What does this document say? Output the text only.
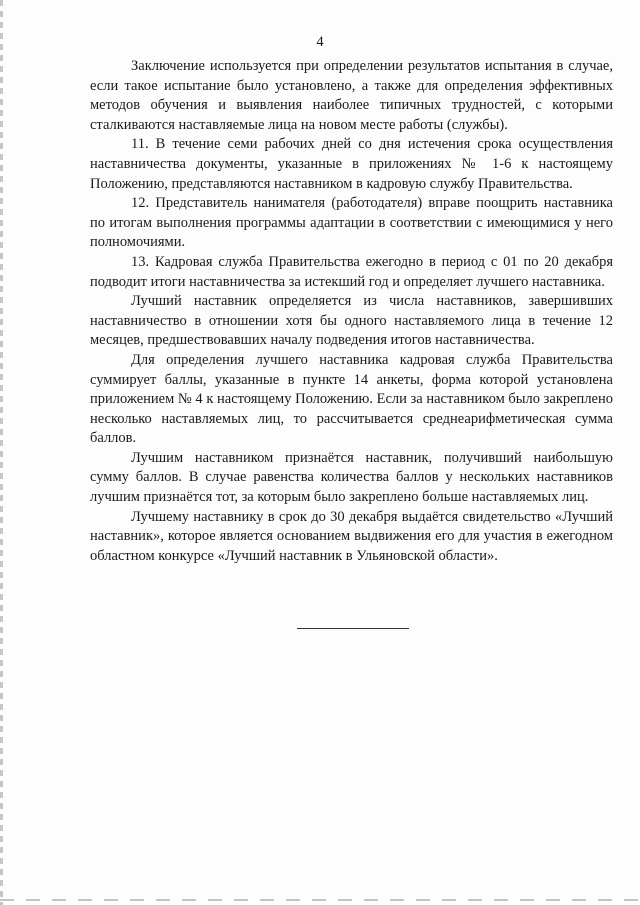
4

Заключение используется при определении результатов испытания в случае, если такое испытание было установлено, а также для определения эффективных методов обучения и выявления наиболее типичных трудностей, с которыми сталкиваются наставляемые лица на новом месте работы (службы).

11. В течение семи рабочих дней со дня истечения срока осуществления наставничества документы, указанные в приложениях № 1-6 к настоящему Положению, представляются наставником в кадровую службу Правительства.

12. Представитель нанимателя (работодателя) вправе поощрить наставника по итогам выполнения программы адаптации в соответствии с имеющимися у него полномочиями.

13. Кадровая служба Правительства ежегодно в период с 01 по 20 декабря подводит итоги наставничества за истекший год и определяет лучшего наставника.

Лучший наставник определяется из числа наставников, завершивших наставничество в отношении хотя бы одного наставляемого лица в течение 12 месяцев, предшествовавших началу подведения итогов наставничества.

Для определения лучшего наставника кадровая служба Правительства суммирует баллы, указанные в пункте 14 анкеты, форма которой установлена приложением № 4 к настоящему Положению. Если за наставником было закреплено несколько наставляемых лиц, то рассчитывается среднеарифметическая сумма баллов.

Лучшим наставником признаётся наставник, получивший наибольшую сумму баллов. В случае равенства количества баллов у нескольких наставников лучшим признаётся тот, за которым было закреплено больше наставляемых лиц.

Лучшему наставнику в срок до 30 декабря выдаётся свидетельство «Лучший наставник», которое является основанием выдвижения его для участия в ежегодном областном конкурсе «Лучший наставник в Ульяновской области».
